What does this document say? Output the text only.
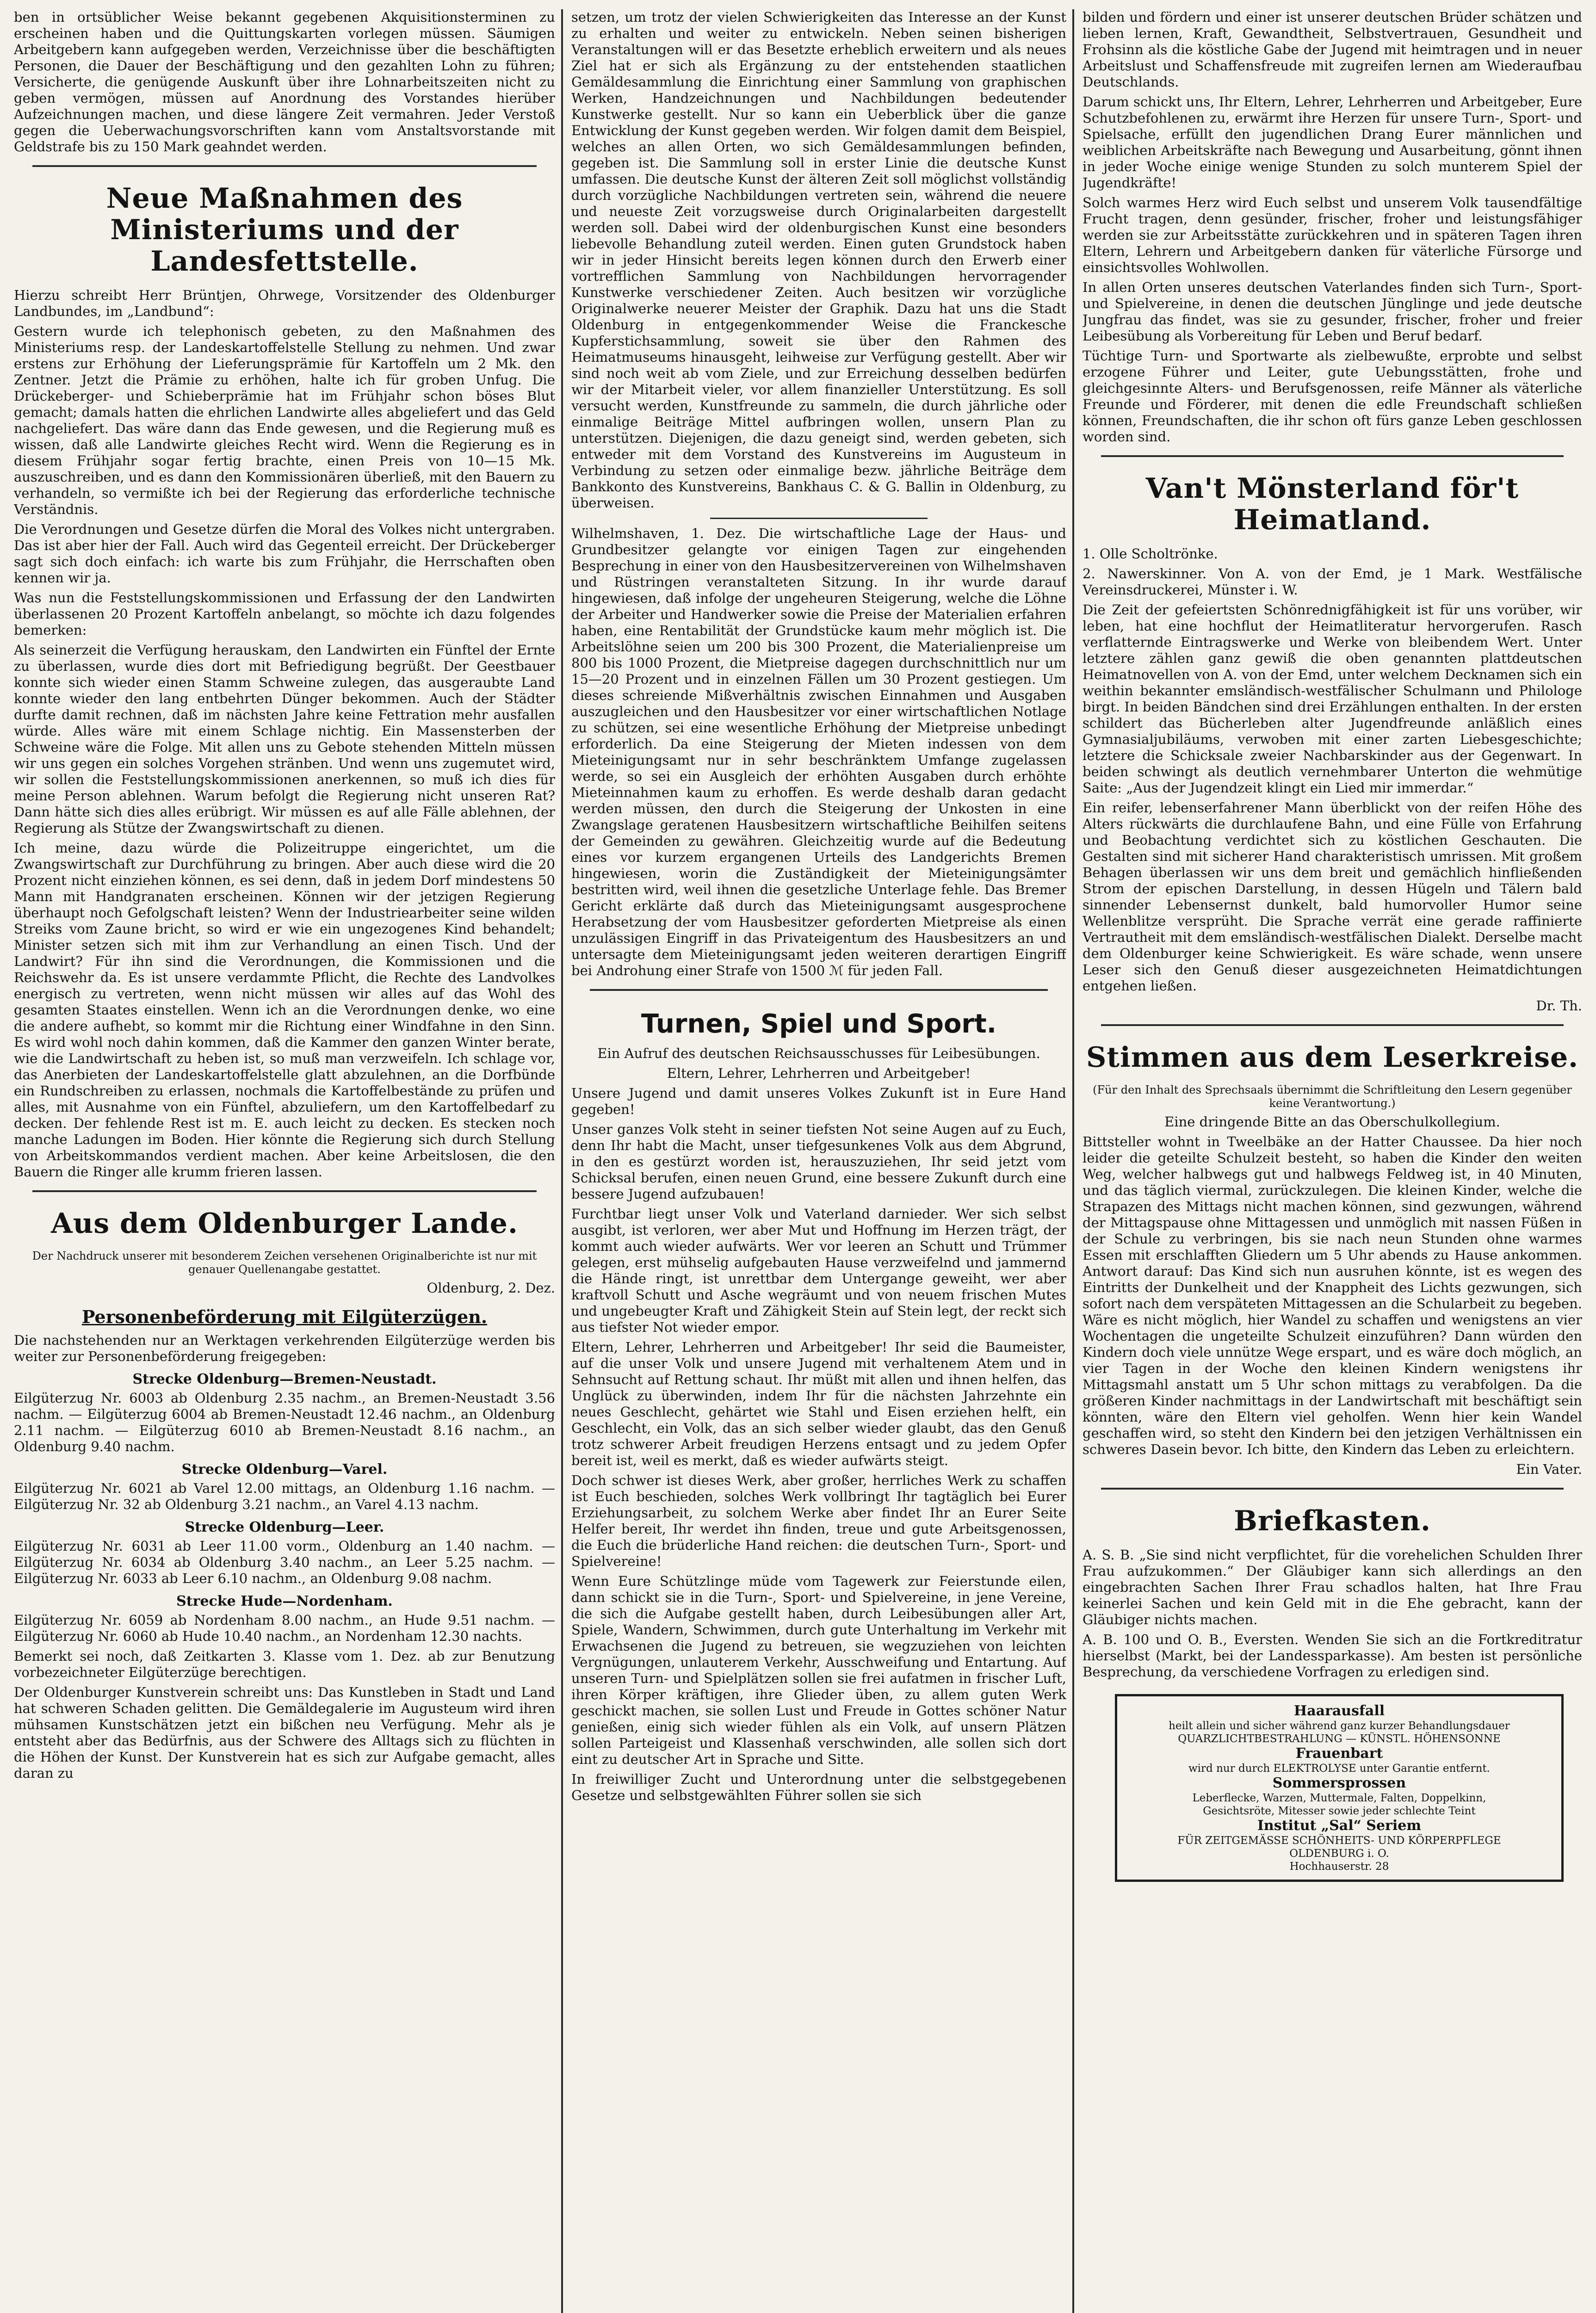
ben in ortsüblicher Weise bekannt gegebenen Akquisitionsterminen zu erscheinen haben und die Quittungskarten vorlegen müssen. Säumigen Arbeitgebern kann aufgegeben werden, Verzeichnisse über die beschäftigten Personen, die Dauer der Beschäftigung und den gezahlten Lohn zu führen; Versicherte, die genügende Auskunft über ihre Lohnarbeitszeiten nicht zu geben vermögen, müssen auf Anordnung des Vorstandes hierüber Aufzeichnungen machen, und diese längere Zeit vermahren. Jeder Verstoß gegen die Ueberwachungsvorschriften kann vom Anstaltsvorstande mit Geldstrafe bis zu 150 Mark geahndet werden.

Neue Maßnahmen des Ministeriums und der Landesfettstelle.

Hierzu schreibt Herr Brüntjen, Ohrwege, Vorsitzender des Oldenburger Landbundes, im „Landbund“:

Gestern wurde ich telephonisch gebeten, zu den Maßnahmen des Ministeriums resp. der Landeskartoffelstelle Stellung zu nehmen. Und zwar erstens zur Erhöhung der Lieferungsprämie für Kartoffeln um 2 Mk. den Zentner. Jetzt die Prämie zu erhöhen, halte ich für groben Unfug. Die Drückeberger- und Schieberprämie hat im Frühjahr schon böses Blut gemacht; damals hatten die ehrlichen Landwirte alles abgeliefert und das Geld nachgeliefert. Das wäre dann das Ende gewesen, und die Regierung muß es wissen, daß alle Landwirte gleiches Recht wird. Wenn die Regierung es in diesem Frühjahr sogar fertig brachte, einen Preis von 10—15 Mk. auszuschreiben, und es dann den Kommissionären überließ, mit den Bauern zu verhandeln, so vermißte ich bei der Regierung das erforderliche technische Verständnis.

Die Verordnungen und Gesetze dürfen die Moral des Volkes nicht untergraben. Das ist aber hier der Fall. Auch wird das Gegenteil erreicht. Der Drückeberger sagt sich doch einfach: ich warte bis zum Frühjahr, die Herrschaften oben kennen wir ja.

Was nun die Feststellungskommissionen und Erfassung der den Landwirten überlassenen 20 Prozent Kartoffeln anbelangt, so möchte ich dazu folgendes bemerken:

Als seinerzeit die Verfügung herauskam, den Landwirten ein Fünftel der Ernte zu überlassen, wurde dies dort mit Befriedigung begrüßt. Der Geestbauer konnte sich wieder einen Stamm Schweine zulegen, das ausgeraubte Land konnte wieder den lang entbehrten Dünger bekommen. Auch der Städter durfte damit rechnen, daß im nächsten Jahre keine Fettration mehr ausfallen würde. Alles wäre mit einem Schlage nichtig. Ein Massensterben der Schweine wäre die Folge. Mit allen uns zu Gebote stehenden Mitteln müssen wir uns gegen ein solches Vorgehen stränben. Und wenn uns zugemutet wird, wir sollen die Feststellungskommissionen anerkennen, so muß ich dies für meine Person ablehnen. Warum befolgt die Regierung nicht unseren Rat? Dann hätte sich dies alles erübrigt. Wir müssen es auf alle Fälle ablehnen, der Regierung als Stütze der Zwangswirtschaft zu dienen.

Ich meine, dazu würde die Polizeitruppe eingerichtet, um die Zwangswirtschaft zur Durchführung zu bringen. Aber auch diese wird die 20 Prozent nicht einziehen können, es sei denn, daß in jedem Dorf mindestens 50 Mann mit Handgranaten erscheinen. Können wir der jetzigen Regierung überhaupt noch Gefolgschaft leisten? Wenn der Industriearbeiter seine wilden Streiks vom Zaune bricht, so wird er wie ein ungezogenes Kind behandelt; Minister setzen sich mit ihm zur Verhandlung an einen Tisch. Und der Landwirt? Für ihn sind die Verordnungen, die Kommissionen und die Reichswehr da. Es ist unsere verdammte Pflicht, die Rechte des Landvolkes energisch zu vertreten, wenn nicht müssen wir alles auf das Wohl des gesamten Staates einstellen. Wenn ich an die Verordnungen denke, wo eine die andere aufhebt, so kommt mir die Richtung einer Windfahne in den Sinn. Es wird wohl noch dahin kommen, daß die Kammer den ganzen Winter berate, wie die Landwirtschaft zu heben ist, so muß man verzweifeln. Ich schlage vor, das Anerbieten der Landeskartoffelstelle glatt abzulehnen, an die Dorfbünde ein Rundschreiben zu erlassen, nochmals die Kartoffelbestände zu prüfen und alles, mit Ausnahme von ein Fünftel, abzuliefern, um den Kartoffelbedarf zu decken. Der fehlende Rest ist m. E. auch leicht zu decken. Es stecken noch manche Ladungen im Boden. Hier könnte die Regierung sich durch Stellung von Arbeitskommandos verdient machen. Aber keine Arbeitslosen, die den Bauern die Ringer alle krumm frieren lassen.

Aus dem Oldenburger Lande.

Der Nachdruck unserer mit besonderem Zeichen versehenen Originalberichte ist nur mit genauer Quellenangabe gestattet.

Oldenburg, 2. Dez.

Personenbeförderung mit Eilgüterzügen.

Die nachstehenden nur an Werktagen verkehrenden Eilgüterzüge werden bis weiter zur Personenbeförderung freigegeben:

Strecke Oldenburg—Bremen-Neustadt.

Eilgüterzug Nr. 6003 ab Oldenburg 2.35 nachm., an Bremen-Neustadt 3.56 nachm. — Eilgüterzug 6004 ab Bremen-Neustadt 12.46 nachm., an Oldenburg 2.11 nachm. — Eilgüterzug 6010 ab Bremen-Neustadt 8.16 nachm., an Oldenburg 9.40 nachm.

Strecke Oldenburg—Varel.

Eilgüterzug Nr. 6021 ab Varel 12.00 mittags, an Oldenburg 1.16 nachm. — Eilgüterzug Nr. 32 ab Oldenburg 3.21 nachm., an Varel 4.13 nachm.

Strecke Oldenburg—Leer.

Eilgüterzug Nr. 6031 ab Leer 11.00 vorm., Oldenburg an 1.40 nachm. — Eilgüterzug Nr. 6034 ab Oldenburg 3.40 nachm., an Leer 5.25 nachm. — Eilgüterzug Nr. 6033 ab Leer 6.10 nachm., an Oldenburg 9.08 nachm.

Strecke Hude—Nordenham.

Eilgüterzug Nr. 6059 ab Nordenham 8.00 nachm., an Hude 9.51 nachm. — Eilgüterzug Nr. 6060 ab Hude 10.40 nachm., an Nordenham 12.30 nachts.

Bemerkt sei noch, daß Zeitkarten 3. Klasse vom 1. Dez. ab zur Benutzung vorbezeichneter Eilgüterzüge berechtigen.

Der Oldenburger Kunstverein schreibt uns: Das Kunstleben in Stadt und Land hat schweren Schaden gelitten. Die Gemäldegalerie im Augusteum wird ihren mühsamen Kunstschätzen jetzt ein bißchen neu Verfügung. Mehr als je entsteht aber das Bedürfnis, aus der Schwere des Alltags sich zu flüchten in die Höhen der Kunst. Der Kunstverein hat es sich zur Aufgabe gemacht, alles daran zu

setzen, um trotz der vielen Schwierigkeiten das Interesse an der Kunst zu erhalten und weiter zu entwickeln. Neben seinen bisherigen Veranstaltungen will er das Besetzte erheblich erweitern und als neues Ziel hat er sich als Ergänzung zu der entstehenden staatlichen Gemäldesammlung die Einrichtung einer Sammlung von graphischen Werken, Handzeichnungen und Nachbildungen bedeutender Kunstwerke gestellt. Nur so kann ein Ueberblick über die ganze Entwicklung der Kunst gegeben werden. Wir folgen damit dem Beispiel, welches an allen Orten, wo sich Gemäldesammlungen befinden, gegeben ist. Die Sammlung soll in erster Linie die deutsche Kunst umfassen. Die deutsche Kunst der älteren Zeit soll möglichst vollständig durch vorzügliche Nachbildungen vertreten sein, während die neuere und neueste Zeit vorzugsweise durch Originalarbeiten dargestellt werden soll. Dabei wird der oldenburgischen Kunst eine besonders liebevolle Behandlung zuteil werden. Einen guten Grundstock haben wir in jeder Hinsicht bereits legen können durch den Erwerb einer vortrefflichen Sammlung von Nachbildungen hervorragender Kunstwerke verschiedener Zeiten. Auch besitzen wir vorzügliche Originalwerke neuerer Meister der Graphik. Dazu hat uns die Stadt Oldenburg in entgegenkommender Weise die Franckesche Kupferstichsammlung, soweit sie über den Rahmen des Heimatmuseums hinausgeht, leihweise zur Verfügung gestellt. Aber wir sind noch weit ab vom Ziele, und zur Erreichung desselben bedürfen wir der Mitarbeit vieler, vor allem finanzieller Unterstützung. Es soll versucht werden, Kunstfreunde zu sammeln, die durch jährliche oder einmalige Beiträge Mittel aufbringen wollen, unsern Plan zu unterstützen. Diejenigen, die dazu geneigt sind, werden gebeten, sich entweder mit dem Vorstand des Kunstvereins im Augusteum in Verbindung zu setzen oder einmalige bezw. jährliche Beiträge dem Bankkonto des Kunstvereins, Bankhaus C. & G. Ballin in Oldenburg, zu überweisen.

Wilhelmshaven, 1. Dez. Die wirtschaftliche Lage der Haus- und Grundbesitzer gelangte vor einigen Tagen zur eingehenden Besprechung in einer von den Hausbesitzervereinen von Wilhelmshaven und Rüstringen veranstalteten Sitzung. In ihr wurde darauf hingewiesen, daß infolge der ungeheuren Steigerung, welche die Löhne der Arbeiter und Handwerker sowie die Preise der Materialien erfahren haben, eine Rentabilität der Grundstücke kaum mehr möglich ist. Die Arbeitslöhne seien um 200 bis 300 Prozent, die Materialienpreise um 800 bis 1000 Prozent, die Mietpreise dagegen durchschnittlich nur um 15—20 Prozent und in einzelnen Fällen um 30 Prozent gestiegen. Um dieses schreiende Mißverhältnis zwischen Einnahmen und Ausgaben auszugleichen und den Hausbesitzer vor einer wirtschaftlichen Notlage zu schützen, sei eine wesentliche Erhöhung der Mietpreise unbedingt erforderlich. Da eine Steigerung der Mieten indessen von dem Mieteinigungsamt nur in sehr beschränktem Umfange zugelassen werde, so sei ein Ausgleich der erhöhten Ausgaben durch erhöhte Mieteinnahmen kaum zu erhoffen. Es werde deshalb daran gedacht werden müssen, den durch die Steigerung der Unkosten in eine Zwangslage geratenen Hausbesitzern wirtschaftliche Beihilfen seitens der Gemeinden zu gewähren. Gleichzeitig wurde auf die Bedeutung eines vor kurzem ergangenen Urteils des Landgerichts Bremen hingewiesen, worin die Zuständigkeit der Mieteinigungsämter bestritten wird, weil ihnen die gesetzliche Unterlage fehle. Das Bremer Gericht erklärte daß durch das Mieteinigungsamt ausgesprochene Herabsetzung der vom Hausbesitzer geforderten Mietpreise als einen unzulässigen Eingriff in das Privateigentum des Hausbesitzers an und untersagte dem Mieteinigungsamt jeden weiteren derartigen Eingriff bei Androhung einer Strafe von 1500 ℳ für jeden Fall.

Turnen, Spiel und Sport.

Ein Aufruf des deutschen Reichsausschusses für Leibesübungen.

Eltern, Lehrer, Lehrherren und Arbeitgeber!

Unsere Jugend und damit unseres Volkes Zukunft ist in Eure Hand gegeben!

Unser ganzes Volk steht in seiner tiefsten Not seine Augen auf zu Euch, denn Ihr habt die Macht, unser tiefgesunkenes Volk aus dem Abgrund, in den es gestürzt worden ist, herauszuziehen, Ihr seid jetzt vom Schicksal berufen, einen neuen Grund, eine bessere Zukunft durch eine bessere Jugend aufzubauen!

Furchtbar liegt unser Volk und Vaterland darnieder. Wer sich selbst ausgibt, ist verloren, wer aber Mut und Hoffnung im Herzen trägt, der kommt auch wieder aufwärts. Wer vor leeren an Schutt und Trümmer gelegen, erst mühselig aufgebauten Hause verzweifelnd und jammernd die Hände ringt, ist unrettbar dem Untergange geweiht, wer aber kraftvoll Schutt und Asche wegräumt und von neuem frischen Mutes und ungebeugter Kraft und Zähigkeit Stein auf Stein legt, der reckt sich aus tiefster Not wieder empor.

Eltern, Lehrer, Lehrherren und Arbeitgeber! Ihr seid die Baumeister, auf die unser Volk und unsere Jugend mit verhaltenem Atem und in Sehnsucht auf Rettung schaut. Ihr müßt mit allen und ihnen helfen, das Unglück zu überwinden, indem Ihr für die nächsten Jahrzehnte ein neues Geschlecht, gehärtet wie Stahl und Eisen erziehen helft, ein Geschlecht, ein Volk, das an sich selber wieder glaubt, das den Genuß trotz schwerer Arbeit freudigen Herzens entsagt und zu jedem Opfer bereit ist, weil es merkt, daß es wieder aufwärts steigt.

Doch schwer ist dieses Werk, aber großer, herrliches Werk zu schaffen ist Euch beschieden, solches Werk vollbringt Ihr tagtäglich bei Eurer Erziehungsarbeit, zu solchem Werke aber findet Ihr an Eurer Seite Helfer bereit, Ihr werdet ihn finden, treue und gute Arbeitsgenossen, die Euch die brüderliche Hand reichen: die deutschen Turn-, Sport- und Spielvereine!

Wenn Eure Schützlinge müde vom Tagewerk zur Feierstunde eilen, dann schickt sie in die Turn-, Sport- und Spielvereine, in jene Vereine, die sich die Aufgabe gestellt haben, durch Leibesübungen aller Art, Spiele, Wandern, Schwimmen, durch gute Unterhaltung im Verkehr mit Erwachsenen die Jugend zu betreuen, sie wegzuziehen von leichten Vergnügungen, unlauterem Verkehr, Ausschweifung und Entartung. Auf unseren Turn- und Spielplätzen sollen sie frei aufatmen in frischer Luft, ihren Körper kräftigen, ihre Glieder üben, zu allem guten Werk geschickt machen, sie sollen Lust und Freude in Gottes schöner Natur genießen, einig sich wieder fühlen als ein Volk, auf unsern Plätzen sollen Parteigeist und Klassenhaß verschwinden, alle sollen sich dort eint zu deutscher Art in Sprache und Sitte.

In freiwilliger Zucht und Unterordnung unter die selbstgegebenen Gesetze und selbstgewählten Führer sollen sie sich

bilden und fördern und einer ist unserer deutschen Brüder schätzen und lieben lernen, Kraft, Gewandtheit, Selbstvertrauen, Gesundheit und Frohsinn als die köstliche Gabe der Jugend mit heimtragen und in neuer Arbeitslust und Schaffensfreude mit zugreifen lernen am Wiederaufbau Deutschlands.

Darum schickt uns, Ihr Eltern, Lehrer, Lehrherren und Arbeitgeber, Eure Schutzbefohlenen zu, erwärmt ihre Herzen für unsere Turn-, Sport- und Spielsache, erfüllt den jugendlichen Drang Eurer männlichen und weiblichen Arbeitskräfte nach Bewegung und Ausarbeitung, gönnt ihnen in jeder Woche einige wenige Stunden zu solch munterem Spiel der Jugendkräfte!

Solch warmes Herz wird Euch selbst und unserem Volk tausendfältige Frucht tragen, denn gesünder, frischer, froher und leistungsfähiger werden sie zur Arbeitsstätte zurückkehren und in späteren Tagen ihren Eltern, Lehrern und Arbeitgebern danken für väterliche Fürsorge und einsichtsvolles Wohlwollen.

In allen Orten unseres deutschen Vaterlandes finden sich Turn-, Sport- und Spielvereine, in denen die deutschen Jünglinge und jede deutsche Jungfrau das findet, was sie zu gesunder, frischer, froher und freier Leibesübung als Vorbereitung für Leben und Beruf bedarf.

Tüchtige Turn- und Sportwarte als zielbewußte, erprobte und selbst erzogene Führer und Leiter, gute Uebungsstätten, frohe und gleichgesinnte Alters- und Berufsgenossen, reife Männer als väterliche Freunde und Förderer, mit denen die edle Freundschaft schließen können, Freundschaften, die ihr schon oft fürs ganze Leben geschlossen worden sind.

Van't Mönsterland för't Heimatland.

1. Olle Scholtrönke.

2. Nawerskinner. Von A. von der Emd, je 1 Mark. Westfälische Vereinsdruckerei, Münster i. W.

Die Zeit der gefeiertsten Schönrednigfähigkeit ist für uns vorüber, wir leben, hat eine hochflut der Heimatliteratur hervorgerufen. Rasch verflatternde Eintragswerke und Werke von bleibendem Wert. Unter letztere zählen ganz gewiß die oben genannten plattdeutschen Heimatnovellen von A. von der Emd, unter welchem Decknamen sich ein weithin bekannter emsländisch-westfälischer Schulmann und Philologe birgt. In beiden Bändchen sind drei Erzählungen enthalten. In der ersten schildert das Bücherleben alter Jugendfreunde anläßlich eines Gymnasialjubiläums, verwoben mit einer zarten Liebesgeschichte; letztere die Schicksale zweier Nachbarskinder aus der Gegenwart. In beiden schwingt als deutlich vernehmbarer Unterton die wehmütige Saite: „Aus der Jugendzeit klingt ein Lied mir immerdar.“

Ein reifer, lebenserfahrener Mann überblickt von der reifen Höhe des Alters rückwärts die durchlaufene Bahn, und eine Fülle von Erfahrung und Beobachtung verdichtet sich zu köstlichen Geschauten. Die Gestalten sind mit sicherer Hand charakteristisch umrissen. Mit großem Behagen überlassen wir uns dem breit und gemächlich hinfließenden Strom der epischen Darstellung, in dessen Hügeln und Tälern bald sinnender Lebensernst dunkelt, bald humorvoller Humor seine Wellenblitze versprüht. Die Sprache verrät eine gerade raffinierte Vertrautheit mit dem emsländisch-westfälischen Dialekt. Derselbe macht dem Oldenburger keine Schwierigkeit. Es wäre schade, wenn unsere Leser sich den Genuß dieser ausgezeichneten Heimatdichtungen entgehen ließen.

Dr. Th.

Stimmen aus dem Leserkreise.

(Für den Inhalt des Sprechsaals übernimmt die Schriftleitung den Lesern gegenüber keine Verantwortung.)

Eine dringende Bitte an das Oberschulkollegium.

Bittsteller wohnt in Tweelbäke an der Hatter Chaussee. Da hier noch leider die geteilte Schulzeit besteht, so haben die Kinder den weiten Weg, welcher halbwegs gut und halbwegs Feldweg ist, in 40 Minuten, und das täglich viermal, zurückzulegen. Die kleinen Kinder, welche die Strapazen des Mittags nicht machen können, sind gezwungen, während der Mittagspause ohne Mittagessen und unmöglich mit nassen Füßen in der Schule zu verbringen, bis sie nach neun Stunden ohne warmes Essen mit erschlafften Gliedern um 5 Uhr abends zu Hause ankommen. Antwort darauf: Das Kind sich nun ausruhen könnte, ist es wegen des Eintritts der Dunkelheit und der Knappheit des Lichts gezwungen, sich sofort nach dem verspäteten Mittagessen an die Schularbeit zu begeben. Wäre es nicht möglich, hier Wandel zu schaffen und wenigstens an vier Wochentagen die ungeteilte Schulzeit einzuführen? Dann würden den Kindern doch viele unnütze Wege erspart, und es wäre doch möglich, an vier Tagen in der Woche den kleinen Kindern wenigstens ihr Mittagsmahl anstatt um 5 Uhr schon mittags zu verabfolgen. Da die größeren Kinder nachmittags in der Landwirtschaft mit beschäftigt sein könnten, wäre den Eltern viel geholfen. Wenn hier kein Wandel geschaffen wird, so steht den Kindern bei den jetzigen Verhältnissen ein schweres Dasein bevor. Ich bitte, den Kindern das Leben zu erleichtern.

Ein Vater.

Briefkasten.

A. S. B. „Sie sind nicht verpflichtet, für die vorehelichen Schulden Ihrer Frau aufzukommen.“ Der Gläubiger kann sich allerdings an den eingebrachten Sachen Ihrer Frau schadlos halten, hat Ihre Frau keinerlei Sachen und kein Geld mit in die Ehe gebracht, kann der Gläubiger nichts machen.

A. B. 100 und O. B., Eversten. Wenden Sie sich an die Fortkreditratur hierselbst (Markt, bei der Landessparkasse). Am besten ist persönliche Besprechung, da verschiedene Vorfragen zu erledigen sind.

Haarausfall
heilt allein und sicher während ganz kurzer Behandlungsdauer
QUARZLICHTBESTRAHLUNG — KÜNSTL. HÖHENSONNE
Frauenbart
wird nur durch ELEKTROLYSE unter Garantie entfernt.
Sommersprossen
Leberflecke, Warzen, Muttermale, Falten, Doppelkinn,
Gesichtsröte, Mitesser sowie jeder schlechte Teint
Institut „Sal“ Seriem
FÜR ZEITGEMÄSSE SCHÖNHEITS- UND KÖRPERPFLEGE
OLDENBURG i. O.
Hochhauserstr. 28
